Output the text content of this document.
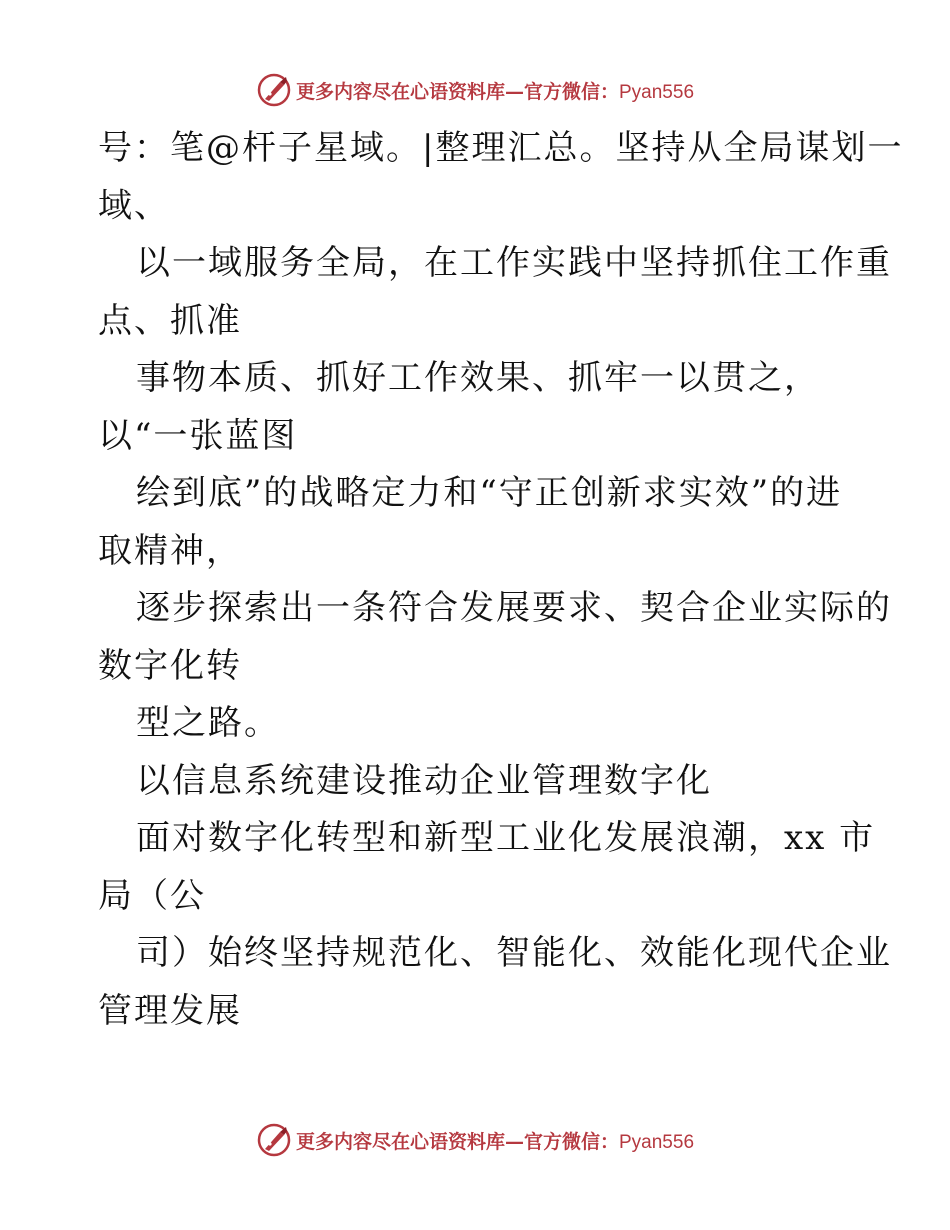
更多内容尽在心语资料库—官方微信：Pyan556
号：笔@杆子星域。|整理汇总。坚持从全局谋划一
域、
以一域服务全局，在工作实践中坚持抓住工作重
点、抓准
事物本质、抓好工作效果、抓牢一以贯之，
以“一张蓝图
绘到底”的战略定力和“守正创新求实效”的进
取精神，
逐步探索出一条符合发展要求、契合企业实际的
数字化转
型之路。
以信息系统建设推动企业管理数字化
面对数字化转型和新型工业化发展浪潮，xx 市
局（公
司）始终坚持规范化、智能化、效能化现代企业
管理发展
更多内容尽在心语资料库—官方微信：Pyan556
